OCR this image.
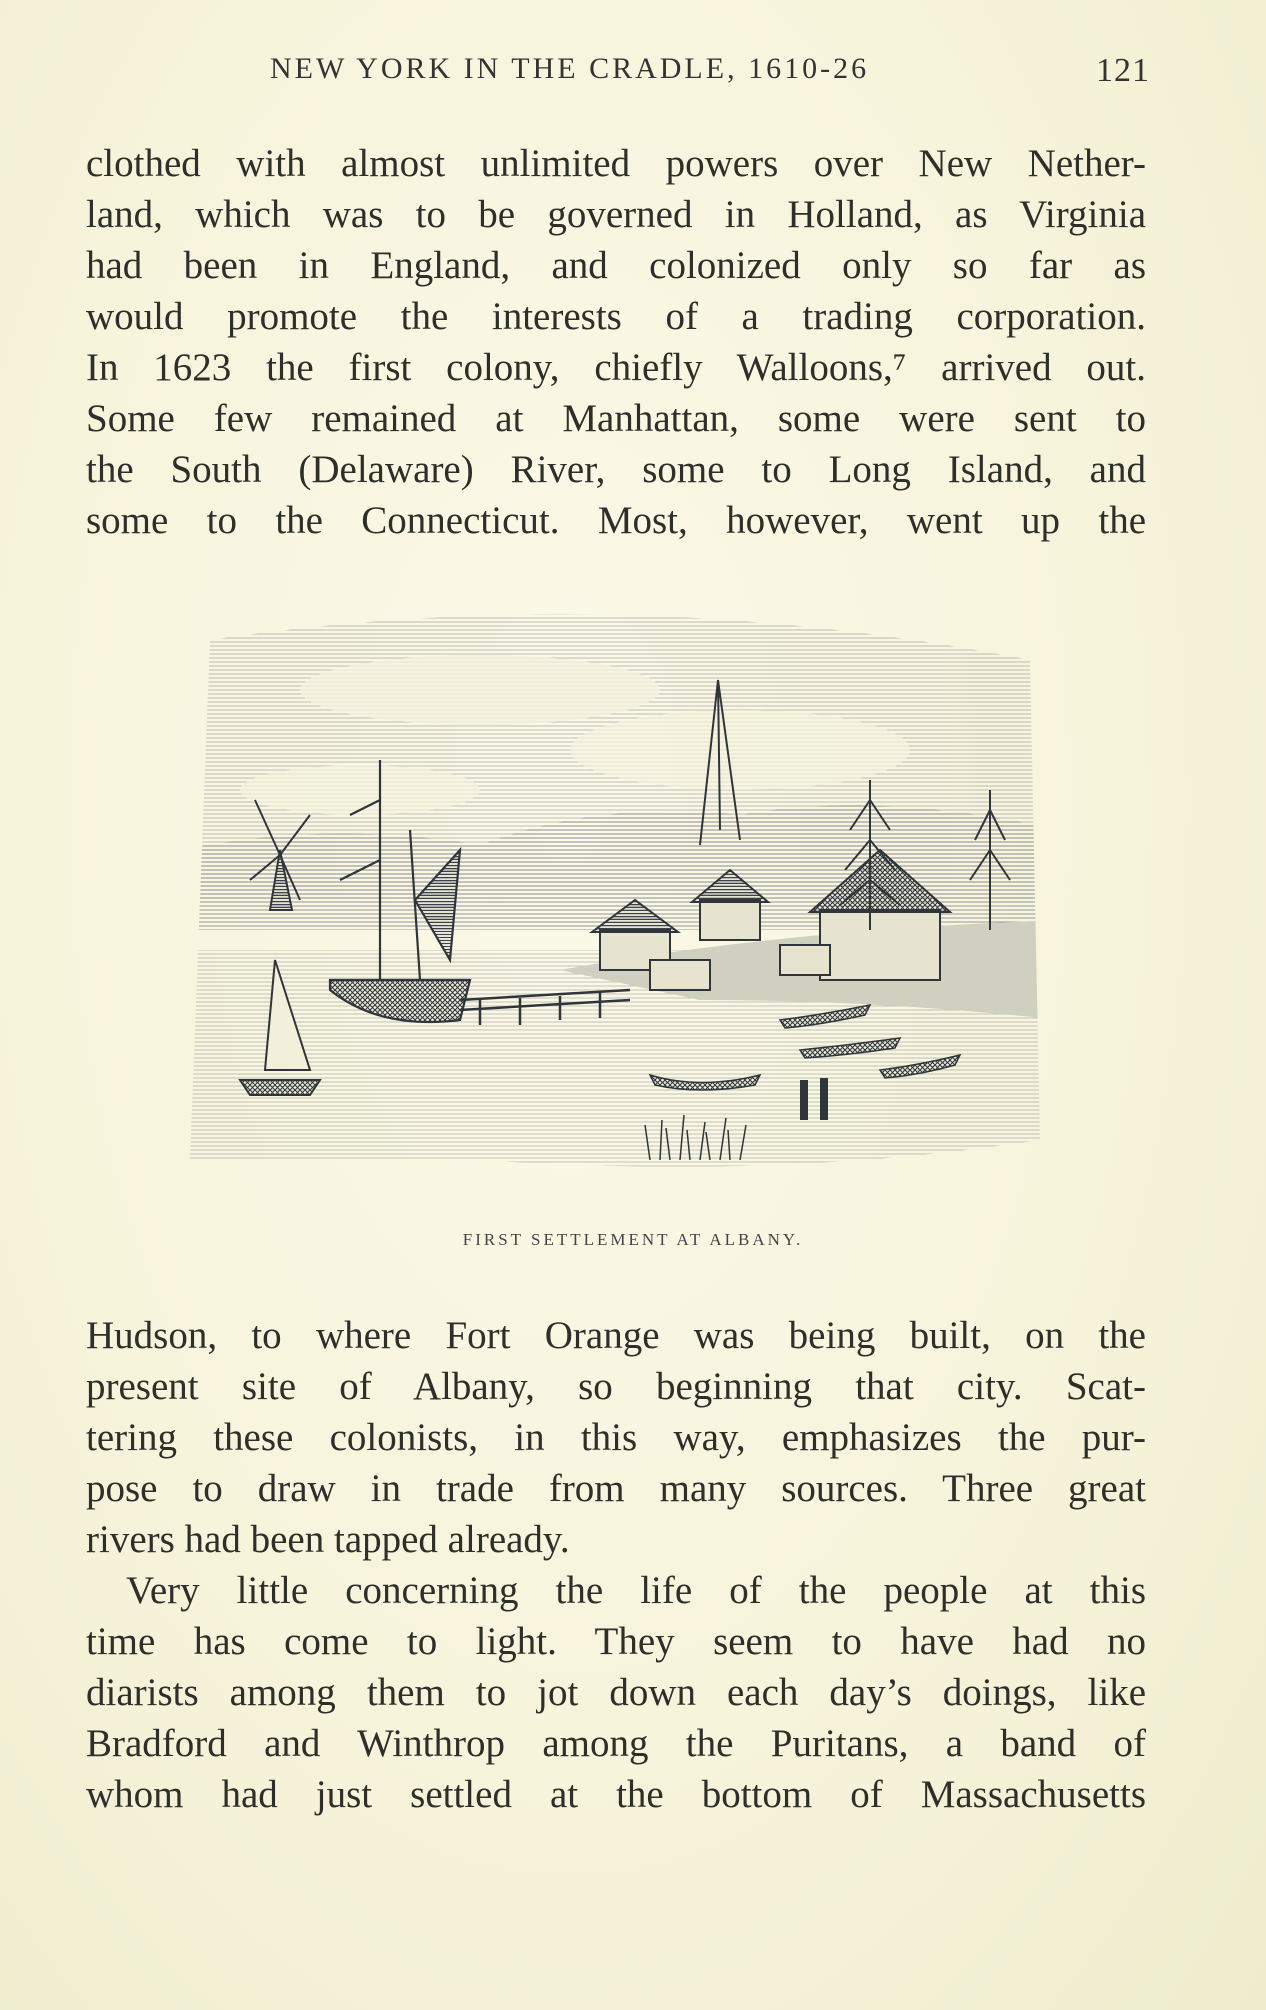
NEW YORK IN THE CRADLE, 1610-26	121
clothed with almost unlimited powers over New Nether-
land, which was to be governed in Holland, as Virginia
had been in England, and colonized only so far as
would promote the interests of a trading corporation.
In 1623 the first colony, chiefly Walloons,⁷ arrived out.
Some few remained at Manhattan, some were sent to
the South (Delaware) River, some to Long Island, and
some to the Connecticut. Most, however, went up the
FIRST SETTLEMENT AT ALBANY.
Hudson, to where Fort Orange was being built, on the
present site of Albany, so beginning that city. Scat-
tering these colonists, in this way, emphasizes the pur-
pose to draw in trade from many sources. Three great
rivers had been tapped already.
Very little concerning the life of the people at this
time has come to light. They seem to have had no
diarists among them to jot down each day’s doings, like
Bradford and Winthrop among the Puritans, a band of
whom had just settled at the bottom of Massachusetts
